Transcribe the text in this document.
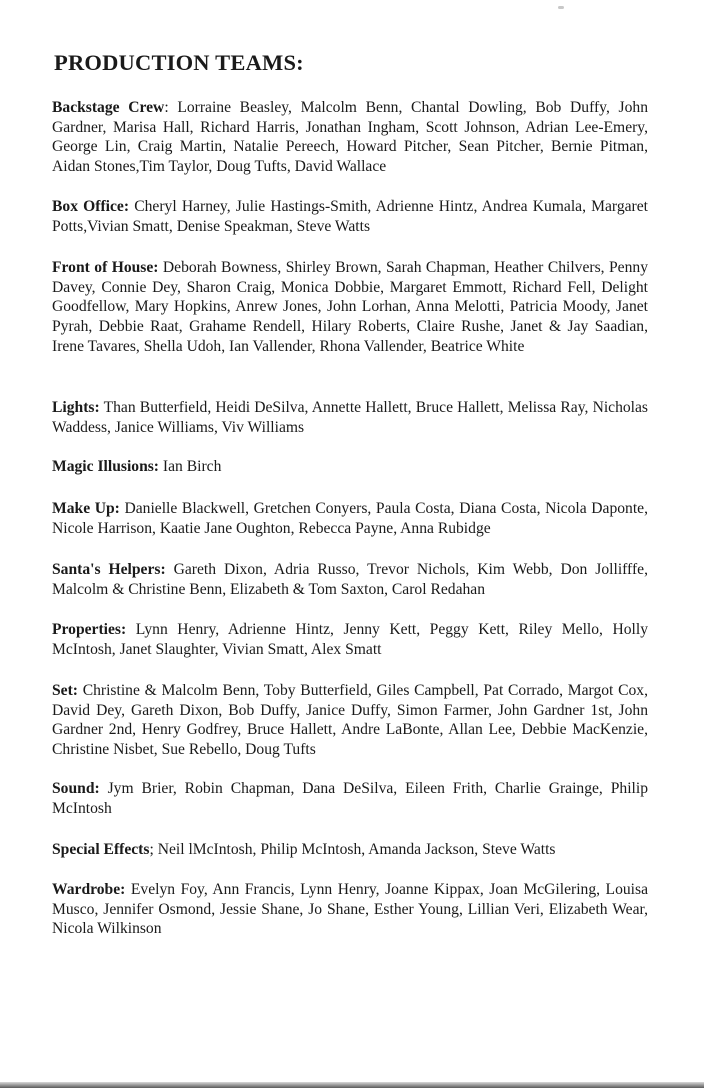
PRODUCTION TEAMS:

Backstage Crew: Lorraine Beasley, Malcolm Benn, Chantal Dowling, Bob Duffy, John Gardner, Marisa Hall, Richard Harris, Jonathan Ingham, Scott Johnson, Adrian Lee-Emery, George Lin, Craig Martin, Natalie Pereech, Howard Pitcher, Sean Pitcher, Bernie Pitman, Aidan Stones,Tim Taylor, Doug Tufts, David Wallace

Box Office: Cheryl Harney, Julie Hastings-Smith, Adrienne Hintz, Andrea Kumala, Margaret Potts,Vivian Smatt, Denise Speakman, Steve Watts

Front of House: Deborah Bowness, Shirley Brown, Sarah Chapman, Heather Chilvers, Penny Davey, Connie Dey, Sharon Craig, Monica Dobbie, Margaret Emmott, Richard Fell, Delight Goodfellow, Mary Hopkins, Anrew Jones, John Lorhan, Anna Melotti, Patricia Moody, Janet Pyrah, Debbie Raat, Grahame Rendell, Hilary Roberts, Claire Rushe, Janet & Jay Saadian, Irene Tavares, Shella Udoh, Ian Vallender, Rhona Vallender, Beatrice White

Lights: Than Butterfield, Heidi DeSilva, Annette Hallett, Bruce Hallett, Melissa Ray, Nicholas Waddess, Janice Williams, Viv Williams

Magic Illusions: Ian Birch

Make Up: Danielle Blackwell, Gretchen Conyers, Paula Costa, Diana Costa, Nicola Daponte, Nicole Harrison, Kaatie Jane Oughton, Rebecca Payne, Anna Rubidge

Santa's Helpers: Gareth Dixon, Adria Russo, Trevor Nichols, Kim Webb, Don Jollifffe, Malcolm & Christine Benn, Elizabeth & Tom Saxton, Carol Redahan

Properties: Lynn Henry, Adrienne Hintz, Jenny Kett, Peggy Kett, Riley Mello, Holly McIntosh, Janet Slaughter, Vivian Smatt, Alex Smatt

Set: Christine & Malcolm Benn, Toby Butterfield, Giles Campbell, Pat Corrado, Margot Cox, David Dey, Gareth Dixon, Bob Duffy, Janice Duffy, Simon Farmer, John Gardner 1st, John Gardner 2nd, Henry Godfrey, Bruce Hallett, Andre LaBonte, Allan Lee, Debbie MacKenzie, Christine Nisbet, Sue Rebello, Doug Tufts

Sound: Jym Brier, Robin Chapman, Dana DeSilva, Eileen Frith, Charlie Grainge, Philip McIntosh

Special Effects; Neil lMcIntosh, Philip McIntosh, Amanda Jackson, Steve Watts

Wardrobe: Evelyn Foy, Ann Francis, Lynn Henry, Joanne Kippax, Joan McGilering, Louisa Musco, Jennifer Osmond, Jessie Shane, Jo Shane, Esther Young, Lillian Veri, Elizabeth Wear, Nicola Wilkinson
